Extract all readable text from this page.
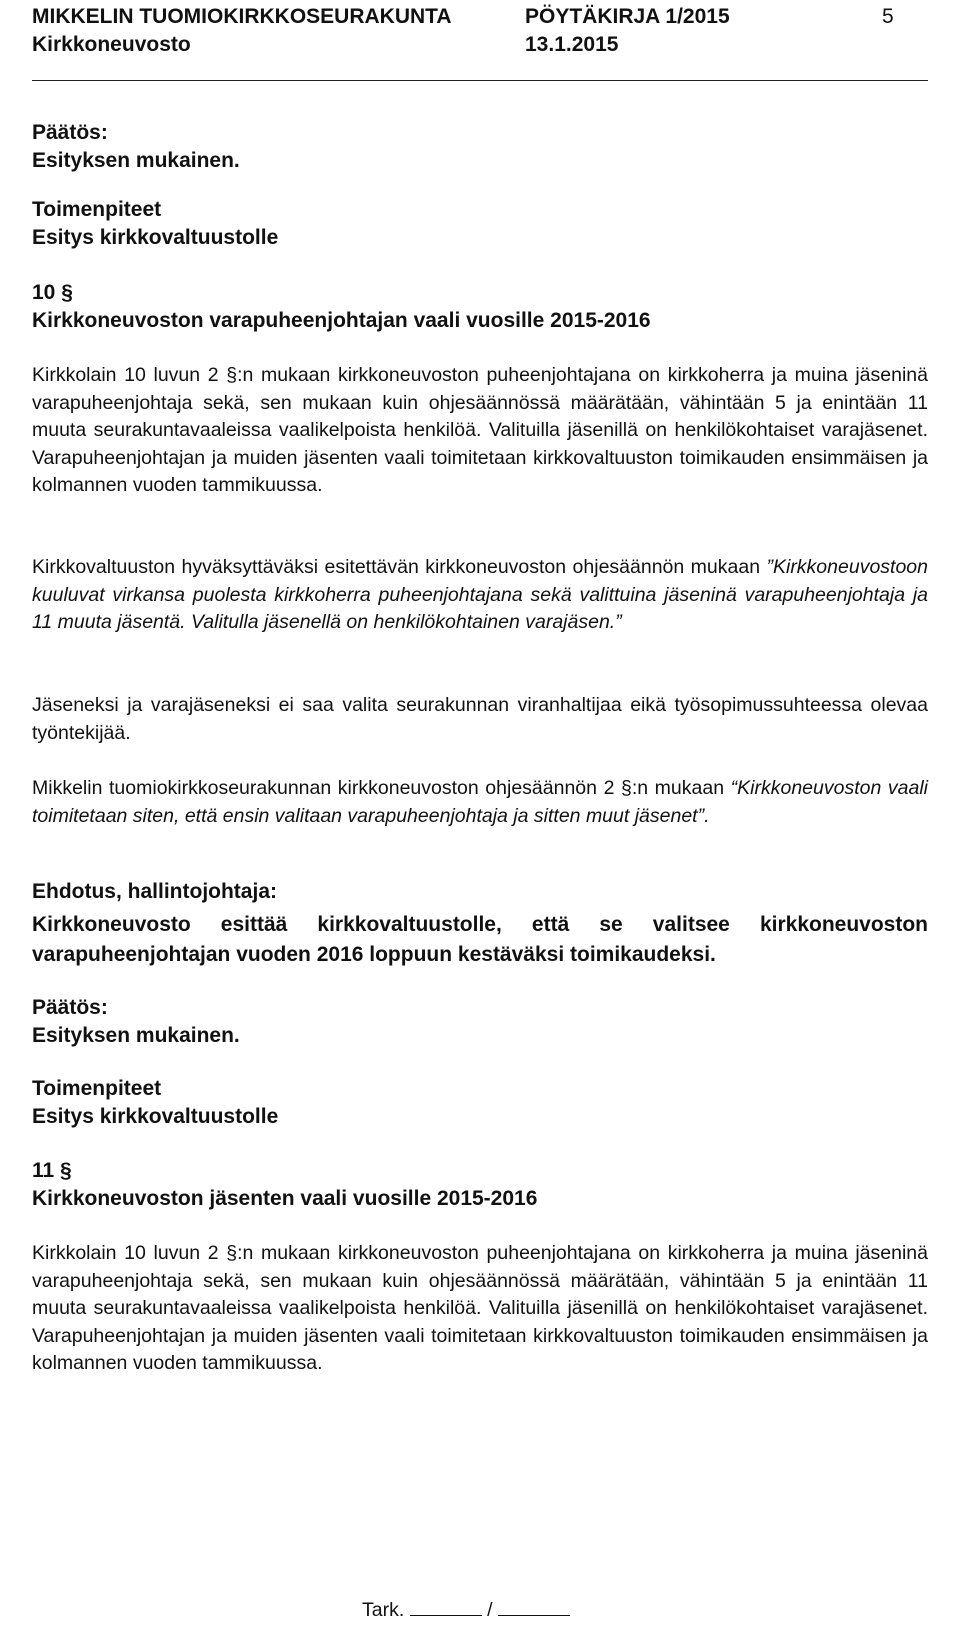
MIKKELIN TUOMIOKIRKKOSEURAKUNTA	PÖYTÄKIRJA 1/2015	5
Kirkkoneuvosto	13.1.2015
Päätös:
Esityksen mukainen.
Toimenpiteet
Esitys kirkkovaltuustolle
10 §
Kirkkoneuvoston varapuheenjohtajan vaali vuosille 2015-2016

Kirkkolain 10 luvun 2 §:n mukaan kirkkoneuvoston puheenjohtajana on kirkkoherra ja muina jäseninä varapuheenjohtaja sekä, sen mukaan kuin ohjesäännössä määrätään, vähintään 5 ja enintään 11 muuta seurakuntavaaleissa vaalikelpoista henkilöä. Valituilla jäsenillä on henkilökohtaiset varajäsenet. Varapuheenjohtajan ja muiden jäsenten vaali toimitetaan kirkkovaltuuston toimikauden ensimmäisen ja kolmannen vuoden tammikuussa.

Kirkkovaltuuston hyväksyttäväksi esitettävän kirkkoneuvoston ohjesäännön mukaan ”Kirkkoneuvostoon kuuluvat virkansa puolesta kirkkoherra puheenjohtajana sekä valittuina jäseninä varapuheenjohtaja ja 11 muuta jäsentä. Valitulla jäsenellä on henkilökohtainen varajäsen.”

Jäseneksi ja varajäseneksi ei saa valita seurakunnan viranhaltijaa eikä työsopimussuhteessa olevaa työntekijää.

Mikkelin tuomiokirkkoseurakunnan kirkkoneuvoston ohjesäännön 2 §:n mukaan “Kirkkoneuvoston vaali toimitetaan siten, että ensin valitaan varapuheenjohtaja ja sitten muut jäsenet”.

Ehdotus, hallintojohtaja:

Kirkkoneuvosto esittää kirkkovaltuustolle, että se valitsee kirkkoneuvoston varapuheenjohtajan vuoden 2016 loppuun kestäväksi toimikaudeksi.

Päätös:
Esityksen mukainen.
Toimenpiteet
Esitys kirkkovaltuustolle
11 §
Kirkkoneuvoston jäsenten vaali vuosille 2015-2016

Kirkkolain 10 luvun 2 §:n mukaan kirkkoneuvoston puheenjohtajana on kirkkoherra ja muina jäseninä varapuheenjohtaja sekä, sen mukaan kuin ohjesäännössä määrätään, vähintään 5 ja enintään 11 muuta seurakuntavaaleissa vaalikelpoista henkilöä. Valituilla jäsenillä on henkilökohtaiset varajäsenet. Varapuheenjohtajan ja muiden jäsenten vaali toimitetaan kirkkovaltuuston toimikauden ensimmäisen ja kolmannen vuoden tammikuussa.

Tark.	/
